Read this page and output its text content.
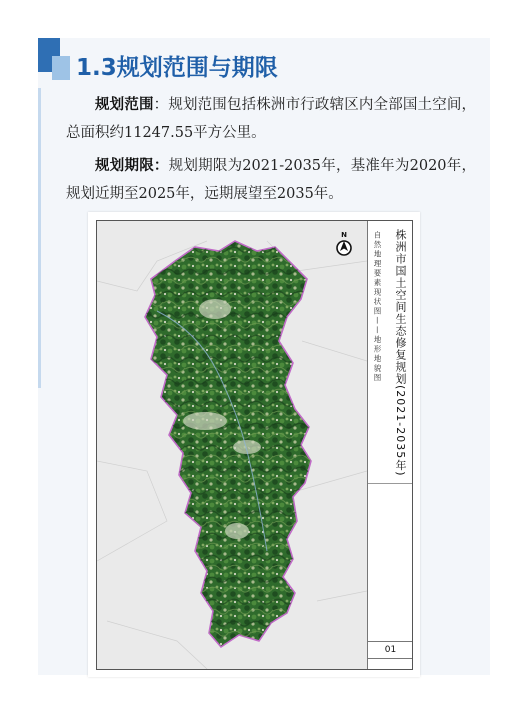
1.3规划范围与期限

规划范围：规划范围包括株洲市行政辖区内全部国土空间，总面积约11247.55平方公里。

规划期限：规划期限为2021-2035年，基准年为2020年，规划近期至2025年，远期展望至2035年。

N	株洲市国土空间生态修复规划(2021-2035年)

自然地理要素现状图——地形地貌图

01
